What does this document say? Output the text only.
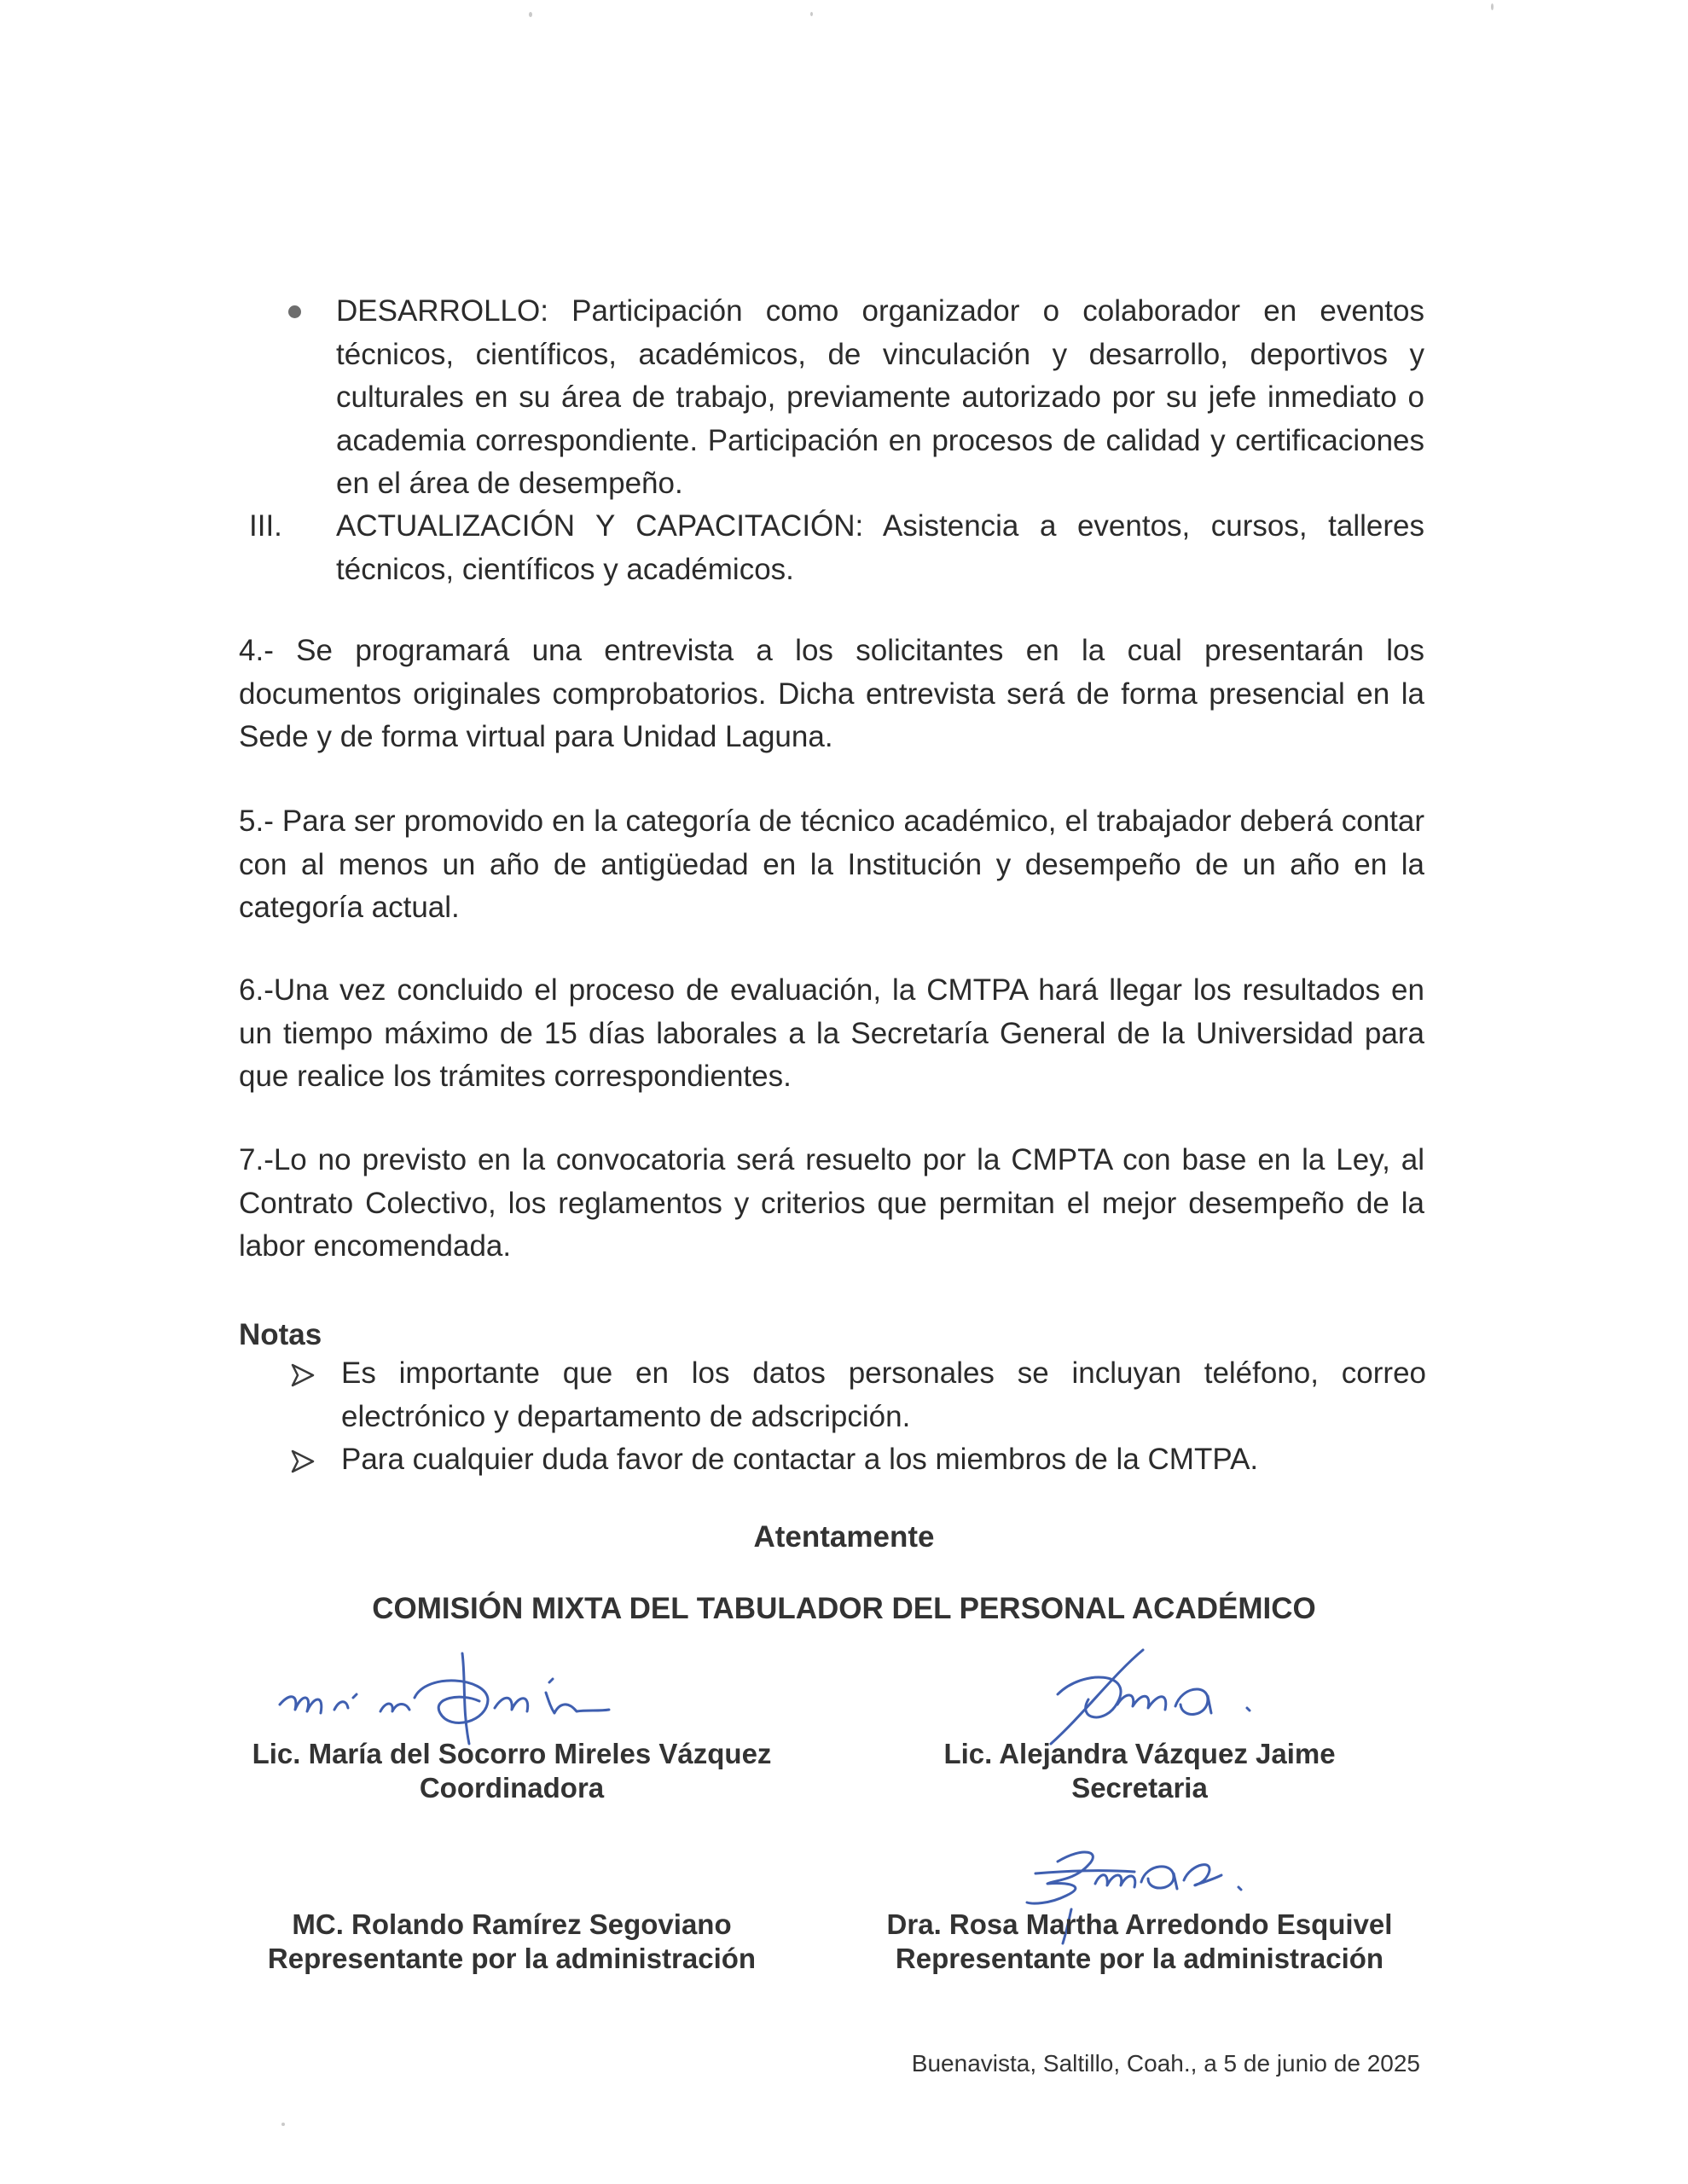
DESARROLLO: Participación como organizador o colaborador en eventos técnicos, científicos, académicos, de vinculación y desarrollo, deportivos y culturales en su área de trabajo, previamente autorizado por su jefe inmediato o academia correspondiente. Participación en procesos de calidad y certificaciones en el área de desempeño.
III. ACTUALIZACIÓN Y CAPACITACIÓN: Asistencia a eventos, cursos, talleres técnicos, científicos y académicos.
4.- Se programará una entrevista a los solicitantes en la cual presentarán los documentos originales comprobatorios. Dicha entrevista será de forma presencial en la Sede y de forma virtual para Unidad Laguna.
5.- Para ser promovido en la categoría de técnico académico, el trabajador deberá contar con al menos un año de antigüedad en la Institución y desempeño de un año en la categoría actual.
6.-Una vez concluido el proceso de evaluación, la CMTPA hará llegar los resultados en un tiempo máximo de 15 días laborales a la Secretaría General de la Universidad para que realice los trámites correspondientes.
7.-Lo no previsto en la convocatoria será resuelto por la CMPTA con base en la Ley, al Contrato Colectivo, los reglamentos y criterios que permitan el mejor desempeño de la labor encomendada.
Notas
Es importante que en los datos personales se incluyan teléfono, correo electrónico y departamento de adscripción.
Para cualquier duda favor de contactar a los miembros de la CMTPA.
Atentamente
COMISIÓN MIXTA DEL TABULADOR DEL PERSONAL ACADÉMICO
Lic. María del Socorro Mireles Vázquez
Coordinadora
Lic. Alejandra Vázquez Jaime
Secretaria
MC. Rolando Ramírez Segoviano
Representante por la administración
Dra. Rosa Martha Arredondo Esquivel
Representante por la administración
Buenavista, Saltillo, Coah., a 5 de junio de 2025
